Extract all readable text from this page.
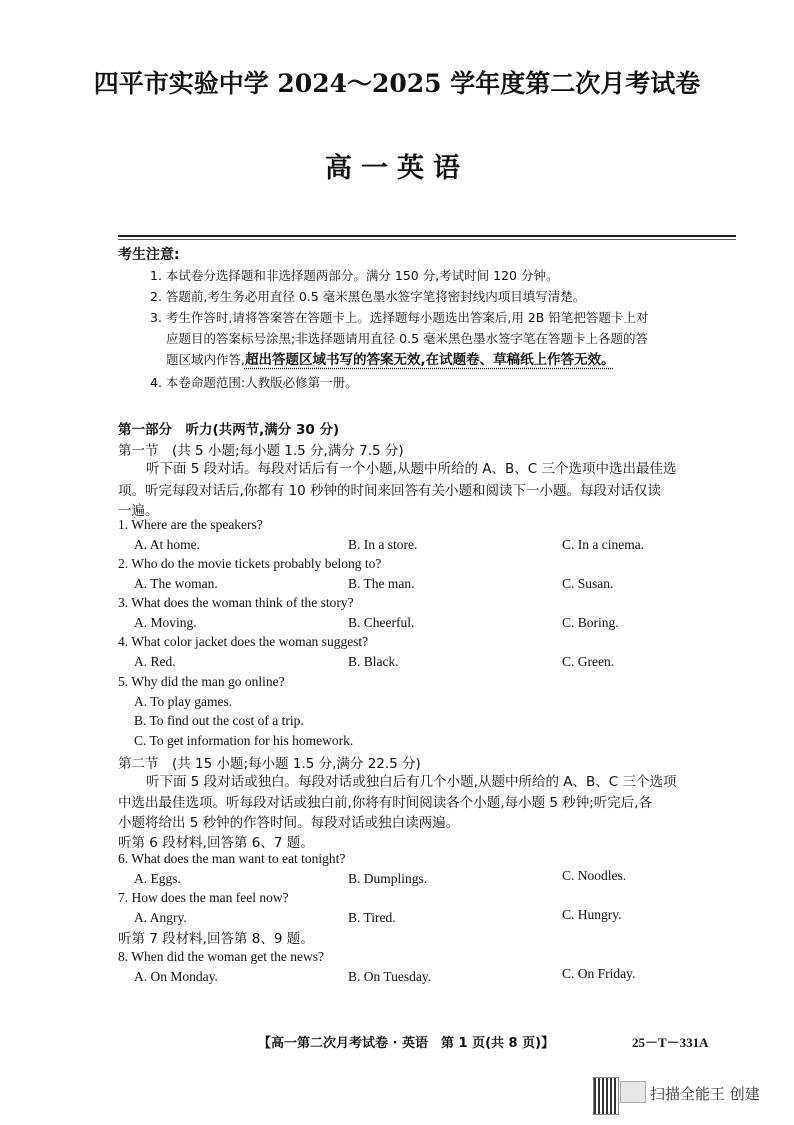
四平市实验中学 2024～2025 学年度第二次月考试卷
高一英语
考生注意:
1. 本试卷分选择题和非选择题两部分。满分 150 分,考试时间 120 分钟。
2. 答题前,考生务必用直径 0.5 毫米黑色墨水签字笔将密封线内项目填写清楚。
3. 考生作答时,请将答案答在答题卡上。选择题每小题选出答案后,用 2B 铅笔把答题卡上对
应题目的答案标号涂黑;非选择题请用直径 0.5 毫米黑色墨水签字笔在答题卡上各题的答
题区域内作答,超出答题区域书写的答案无效,在试题卷、草稿纸上作答无效。
4. 本卷命题范围:人教版必修第一册。
第一部分　听力(共两节,满分 30 分)
第一节　(共 5 小题;每小题 1.5 分,满分 7.5 分)
听下面 5 段对话。每段对话后有一个小题,从题中所给的 A、B、C 三个选项中选出最佳选
项。听完每段对话后,你都有 10 秒钟的时间来回答有关小题和阅读下一小题。每段对话仅读
一遍。
1. Where are the speakers?
A. At home.	B. In a store.	C. In a cinema.
2. Who do the movie tickets probably belong to?
A. The woman.	B. The man.	C. Susan.
3. What does the woman think of the story?
A. Moving.	B. Cheerful.	C. Boring.
4. What color jacket does the woman suggest?
A. Red.	B. Black.	C. Green.
5. Why did the man go online?
A. To play games.
B. To find out the cost of a trip.
C. To get information for his homework.
第二节　(共 15 小题;每小题 1.5 分,满分 22.5 分)
听下面 5 段对话或独白。每段对话或独白后有几个小题,从题中所给的 A、B、C 三个选项
中选出最佳选项。听每段对话或独白前,你将有时间阅读各个小题,每小题 5 秒钟;听完后,各
小题将给出 5 秒钟的作答时间。每段对话或独白读两遍。
听第 6 段材料,回答第 6、7 题。
6. What does the man want to eat tonight?
A. Eggs.	B. Dumplings.	C. Noodles.
7. How does the man feel now?
A. Angry.	B. Tired.	C. Hungry.
听第 7 段材料,回答第 8、9 题。
8. When did the woman get the news?
A. On Monday.	B. On Tuesday.	C. On Friday.
【高一第二次月考试卷 · 英语　第 1 页(共 8 页)】	25－T－331A
扫描全能王 创建
